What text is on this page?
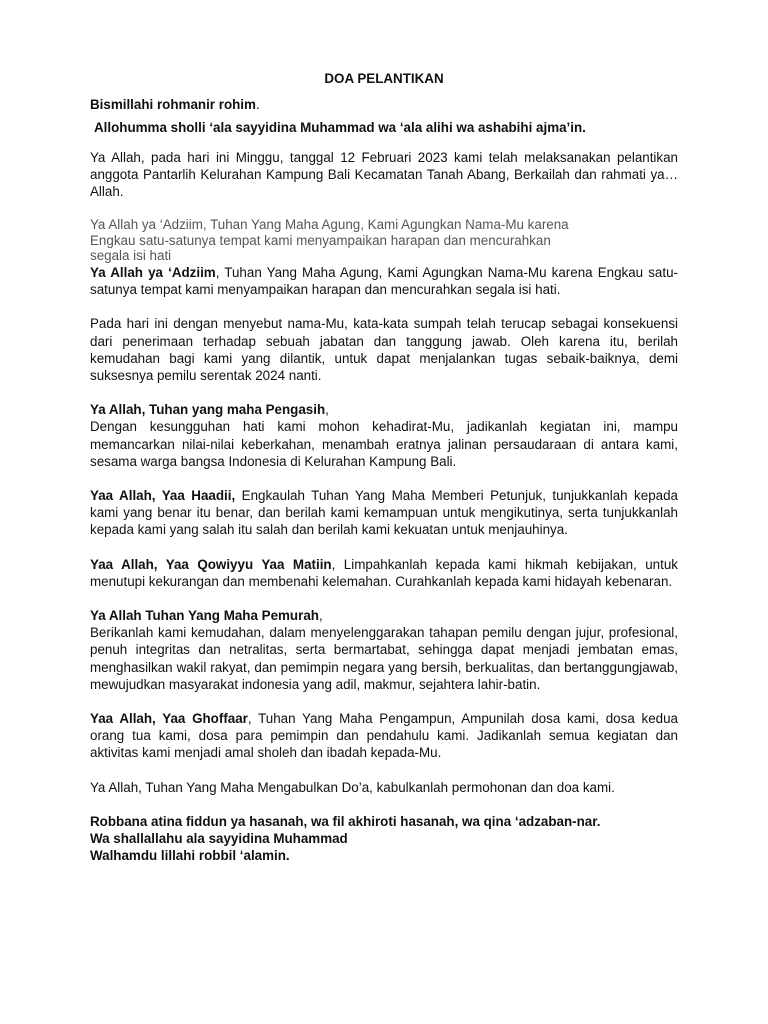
DOA PELANTIKAN

Bismillahi rohmanir rohim.

Allohumma sholli ‘ala sayyidina Muhammad wa ‘ala alihi wa ashabihi ajma’in.

Ya Allah, pada hari ini Minggu, tanggal 12 Februari 2023 kami telah melaksanakan pelantikan anggota Pantarlih Kelurahan Kampung Bali Kecamatan Tanah Abang, Berkailah dan rahmati ya… Allah.

Ya Allah ya ‘Adziim, Tuhan Yang Maha Agung, Kami Agungkan Nama-Mu karena
Engkau satu-satunya tempat kami menyampaikan harapan dan mencurahkan
segala isi hati

Ya Allah ya ‘Adziim, Tuhan Yang Maha Agung, Kami Agungkan Nama-Mu karena Engkau satu-satunya tempat kami menyampaikan harapan dan mencurahkan segala isi hati.

Pada hari ini dengan menyebut nama-Mu, kata-kata sumpah telah terucap sebagai konsekuensi dari penerimaan terhadap sebuah jabatan dan tanggung jawab. Oleh karena itu, berilah kemudahan bagi kami yang dilantik, untuk dapat menjalankan tugas sebaik-baiknya, demi suksesnya pemilu serentak 2024 nanti.

Ya Allah, Tuhan yang maha Pengasih,

Dengan kesungguhan hati kami mohon kehadirat-Mu, jadikanlah kegiatan ini, mampu memancarkan nilai-nilai keberkahan, menambah eratnya jalinan persaudaraan di antara kami, sesama warga bangsa Indonesia di Kelurahan Kampung Bali.

Yaa Allah, Yaa Haadii, Engkaulah Tuhan Yang Maha Memberi Petunjuk, tunjukkanlah kepada kami yang benar itu benar, dan berilah kami kemampuan untuk mengikutinya, serta tunjukkanlah kepada kami yang salah itu salah dan berilah kami kekuatan untuk menjauhinya.

Yaa Allah, Yaa Qowiyyu Yaa Matiin, Limpahkanlah kepada kami hikmah kebijakan, untuk menutupi kekurangan dan membenahi kelemahan. Curahkanlah kepada kami hidayah kebenaran.

Ya Allah Tuhan Yang Maha Pemurah,

Berikanlah kami kemudahan, dalam menyelenggarakan tahapan pemilu dengan jujur, profesional, penuh integritas dan netralitas, serta bermartabat, sehingga dapat menjadi jembatan emas, menghasilkan wakil rakyat, dan pemimpin negara yang bersih, berkualitas, dan bertanggungjawab, mewujudkan masyarakat indonesia yang adil, makmur, sejahtera lahir-batin.

Yaa Allah, Yaa Ghoffaar, Tuhan Yang Maha Pengampun, Ampunilah dosa kami, dosa kedua orang tua kami, dosa para pemimpin dan pendahulu kami. Jadikanlah semua kegiatan dan aktivitas kami menjadi amal sholeh dan ibadah kepada-Mu.

Ya Allah, Tuhan Yang Maha Mengabulkan Do’a, kabulkanlah permohonan dan doa kami.

Robbana atina fiddun ya hasanah, wa fil akhiroti hasanah, wa qina ‘adzaban-nar.

Wa shallallahu ala sayyidina Muhammad

Walhamdu lillahi robbil ‘alamin.
